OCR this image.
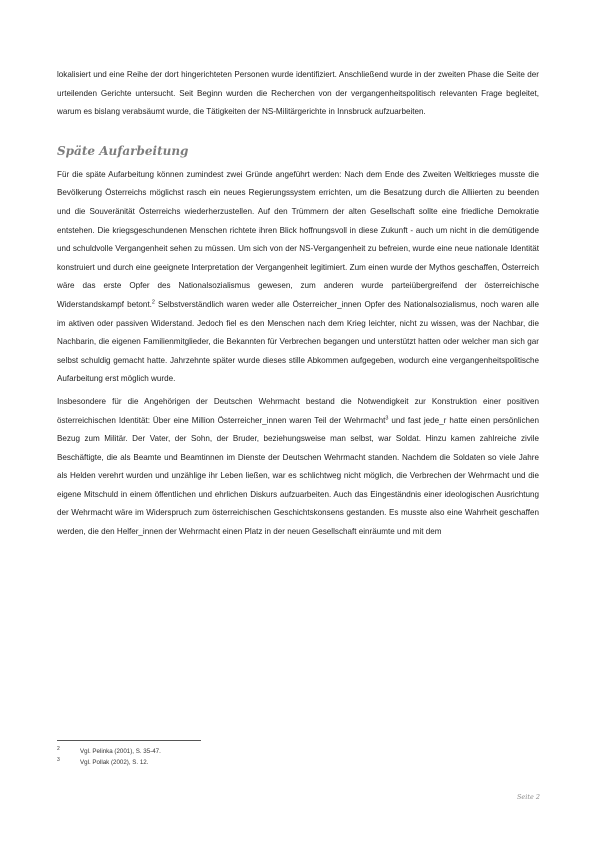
lokalisiert und eine Reihe der dort hingerichteten Personen wurde identifiziert. Anschließend wurde in der zweiten Phase die Seite der urteilenden Gerichte untersucht. Seit Beginn wurden die Recherchen von der vergangenheitspolitisch relevanten Frage begleitet, warum es bislang verabsäumt wurde, die Tätigkeiten der NS-Militärgerichte in Innsbruck aufzuarbeiten.

Späte Aufarbeitung

Für die späte Aufarbeitung können zumindest zwei Gründe angeführt werden: Nach dem Ende des Zweiten Weltkrieges musste die Bevölkerung Österreichs möglichst rasch ein neues Regierungssystem errichten, um die Besatzung durch die Alliierten zu beenden und die Souveränität Österreichs wiederherzustellen. Auf den Trümmern der alten Gesellschaft sollte eine friedliche Demokratie entstehen. Die kriegsgeschundenen Menschen richtete ihren Blick hoffnungsvoll in diese Zukunft - auch um nicht in die demütigende und schuldvolle Vergangenheit sehen zu müssen. Um sich von der NS-Vergangenheit zu befreien, wurde eine neue nationale Identität konstruiert und durch eine geeignete Interpretation der Vergangenheit legitimiert. Zum einen wurde der Mythos geschaffen, Österreich wäre das erste Opfer des Nationalsozialismus gewesen, zum anderen wurde parteiübergreifend der österreichische Widerstandskampf betont.$^2$ Selbstverständlich waren weder alle Österreicher_innen Opfer des Nationalsozialismus, noch waren alle im aktiven oder passiven Widerstand. Jedoch fiel es den Menschen nach dem Krieg leichter, nicht zu wissen, was der Nachbar, die Nachbarin, die eigenen Familienmitglieder, die Bekannten für Verbrechen begangen und unterstützt hatten oder welcher man sich gar selbst schuldig gemacht hatte. Jahrzehnte später wurde dieses stille Abkommen aufgegeben, wodurch eine vergangenheitspolitische Aufarbeitung erst möglich wurde.

Insbesondere für die Angehörigen der Deutschen Wehrmacht bestand die Notwendigkeit zur Konstruktion einer positiven österreichischen Identität: Über eine Million Österreicher_innen waren Teil der Wehrmacht$^3$ und fast jede_r hatte einen persönlichen Bezug zum Militär. Der Vater, der Sohn, der Bruder, beziehungsweise man selbst, war Soldat. Hinzu kamen zahlreiche zivile Beschäftigte, die als Beamte und Beamtinnen im Dienste der Deutschen Wehrmacht standen. Nachdem die Soldaten so viele Jahre als Helden verehrt wurden und unzählige ihr Leben ließen, war es schlichtweg nicht möglich, die Verbrechen der Wehrmacht und die eigene Mitschuld in einem öffentlichen und ehrlichen Diskurs aufzuarbeiten. Auch das Eingeständnis einer ideologischen Ausrichtung der Wehrmacht wäre im Widerspruch zum österreichischen Geschichtskonsens gestanden. Es musste also eine Wahrheit geschaffen werden, die den Helfer_innen der Wehrmacht einen Platz in der neuen Gesellschaft einräumte und mit dem

2	Vgl. Pelinka (2001), S. 35-47.
3	Vgl. Pollak (2002), S. 12.
Seite 2
